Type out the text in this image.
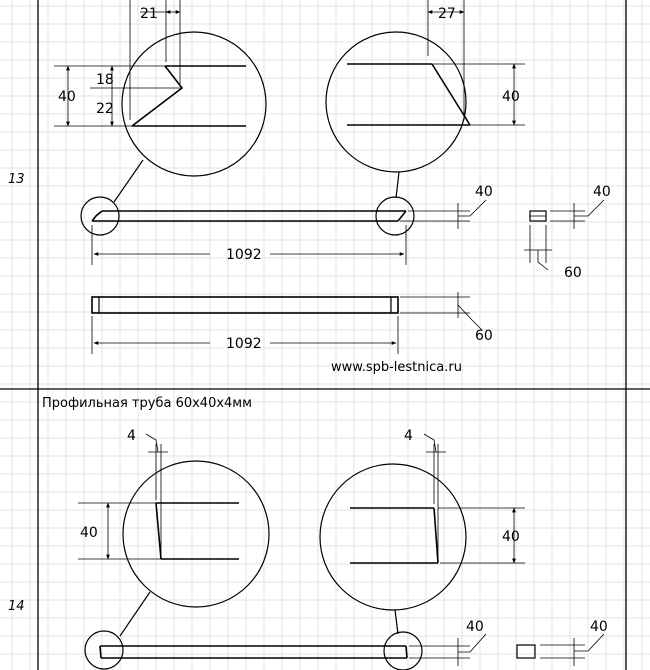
13
14
21
40
18
22
27
40
40
1092
40
60
60
1092
www.spb-lestnica.ru
Профильная труба 60х40х4мм
4
40
4
40
40	40
